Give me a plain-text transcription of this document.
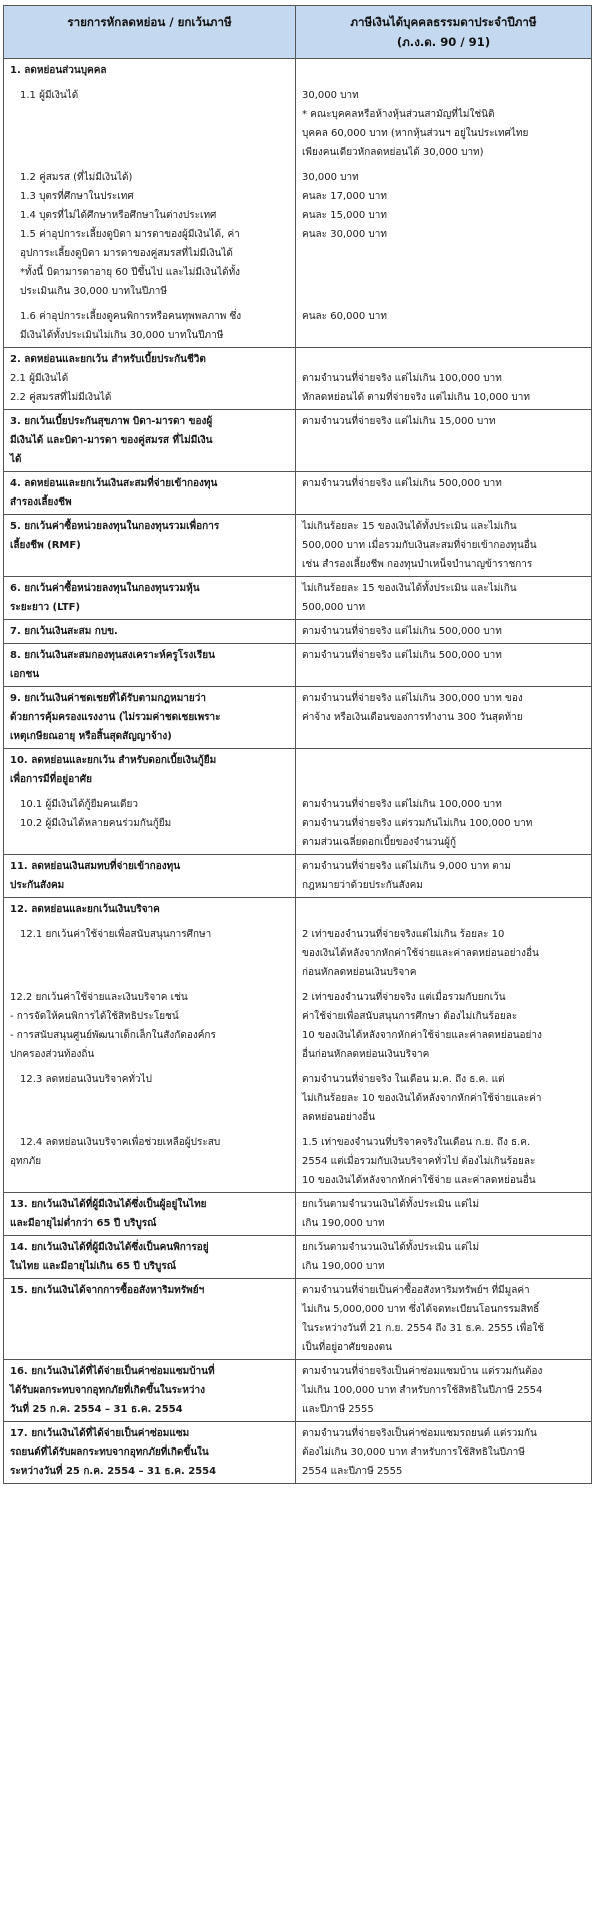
รายการหักลดหย่อน / ยกเว้นภาษี	ภาษีเงินได้บุคคลธรรมดาประจำปีภาษี
(ภ.ง.ด. 90 / 91)

1. ลดหย่อนส่วนบุคคล	

1.1 ผู้มีเงินได้	30,000 บาท
	* คณะบุคคลหรือห้างหุ้นส่วนสามัญที่ไม่ใช่นิติ
	บุคคล 60,000 บาท (หากหุ้นส่วนฯ อยู่ในประเทศไทย
	เพียงคนเดียวหักลดหย่อนได้ 30,000 บาท)

1.2 คู่สมรส (ที่ไม่มีเงินได้)	30,000 บาท
1.3 บุตรที่ศึกษาในประเทศ	คนละ 17,000 บาท
1.4 บุตรที่ไม่ได้ศึกษาหรือศึกษาในต่างประเทศ	คนละ 15,000 บาท
1.5 ค่าอุปการะเลี้ยงดูบิดา มารดาของผู้มีเงินได้, ค่า	คนละ 30,000 บาท
อุปการะเลี้ยงดูบิดา มารดาของคู่สมรสที่ไม่มีเงินได้	
*ทั้งนี้ บิดามารดาอายุ 60 ปีขึ้นไป และไม่มีเงินได้ทั้ง	
ประเมินเกิน 30,000 บาทในปีภาษี	

1.6 ค่าอุปการะเลี้ยงดูคนพิการหรือคนทุพพลภาพ ซึ่ง	คนละ 60,000 บาท
มีเงินได้ทั้งประเมินไม่เกิน 30,000 บาทในปีภาษี	
2. ลดหย่อนและยกเว้น สำหรับเบี้ยประกันชีวิต	
2.1 ผู้มีเงินได้	ตามจำนวนที่จ่ายจริง แต่ไม่เกิน 100,000 บาท
2.2 คู่สมรสที่ไม่มีเงินได้	หักลดหย่อนได้ ตามที่จ่ายจริง แต่ไม่เกิน 10,000 บาท
3. ยกเว้นเบี้ยประกันสุขภาพ บิดา-มารดา ของผู้	ตามจำนวนที่จ่ายจริง แต่ไม่เกิน 15,000 บาท
มีเงินได้ และบิดา-มารดา ของคู่สมรส ที่ไม่มีเงิน	
ได้	
4. ลดหย่อนและยกเว้นเงินสะสมที่จ่ายเข้ากองทุน	ตามจำนวนที่จ่ายจริง แต่ไม่เกิน 500,000 บาท
สำรองเลี้ยงชีพ	
5. ยกเว้นค่าซื้อหน่วยลงทุนในกองทุนรวมเพื่อการ	ไม่เกินร้อยละ 15 ของเงินได้ทั้งประเมิน และไม่เกิน
เลี้ยงชีพ (RMF)	500,000 บาท เมื่อรวมกับเงินสะสมที่จ่ายเข้ากองทุนอื่น
	เช่น สำรองเลี้ยงชีพ กองทุนบำเหน็จบำนาญข้าราชการ
6. ยกเว้นค่าซื้อหน่วยลงทุนในกองทุนรวมหุ้น	ไม่เกินร้อยละ 15 ของเงินได้ทั้งประเมิน และไม่เกิน
ระยะยาว (LTF)	500,000 บาท
7. ยกเว้นเงินสะสม กบข.	ตามจำนวนที่จ่ายจริง แต่ไม่เกิน 500,000 บาท
8. ยกเว้นเงินสะสมกองทุนสงเคราะห์ครูโรงเรียน	ตามจำนวนที่จ่ายจริง แต่ไม่เกิน 500,000 บาท
เอกชน	
9. ยกเว้นเงินค่าชดเชยที่ได้รับตามกฎหมายว่า	ตามจำนวนที่จ่ายจริง แต่ไม่เกิน 300,000 บาท ของ
ด้วยการคุ้มครองแรงงาน (ไม่รวมค่าชดเชยเพราะ	ค่าจ้าง หรือเงินเดือนของการทำงาน 300 วันสุดท้าย
เหตุเกษียณอายุ หรือสิ้นสุดสัญญาจ้าง)	
10. ลดหย่อนและยกเว้น สำหรับดอกเบี้ยเงินกู้ยืม	
เพื่อการมีที่อยู่อาศัย	

10.1 ผู้มีเงินได้กู้ยืมคนเดียว	ตามจำนวนที่จ่ายจริง แต่ไม่เกิน 100,000 บาท
10.2 ผู้มีเงินได้หลายคนร่วมกันกู้ยืม	ตามจำนวนที่จ่ายจริง แต่รวมกันไม่เกิน 100,000 บาท
	ตามส่วนเฉลี่ยดอกเบี้ยของจำนวนผู้กู้
11. ลดหย่อนเงินสมทบที่จ่ายเข้ากองทุน	ตามจำนวนที่จ่ายจริง แต่ไม่เกิน 9,000 บาท ตาม
ประกันสังคม	กฎหมายว่าด้วยประกันสังคม
12. ลดหย่อนและยกเว้นเงินบริจาค	

12.1 ยกเว้นค่าใช้จ่ายเพื่อสนับสนุนการศึกษา	2 เท่าของจำนวนที่จ่ายจริงแต่ไม่เกิน ร้อยละ 10
	ของเงินได้หลังจากหักค่าใช้จ่ายและค่าลดหย่อนอย่างอื่น
	ก่อนหักลดหย่อนเงินบริจาค

12.2 ยกเว้นค่าใช้จ่ายและเงินบริจาค เช่น	2 เท่าของจำนวนที่จ่ายจริง แต่เมื่อรวมกับยกเว้น
- การจัดให้คนพิการได้ใช้สิทธิประโยชน์	ค่าใช้จ่ายเพื่อสนับสนุนการศึกษา ต้องไม่เกินร้อยละ
- การสนับสนุนศูนย์พัฒนาเด็กเล็กในสังกัดองค์กร	10 ของเงินได้หลังจากหักค่าใช้จ่ายและค่าลดหย่อนอย่าง
ปกครองส่วนท้องถิ่น	อื่นก่อนหักลดหย่อนเงินบริจาค

12.3 ลดหย่อนเงินบริจาคทั่วไป	ตามจำนวนที่จ่ายจริง ในเดือน ม.ค. ถึง ธ.ค. แต่
	ไม่เกินร้อยละ 10 ของเงินได้หลังจากหักค่าใช้จ่ายและค่า
	ลดหย่อนอย่างอื่น

12.4 ลดหย่อนเงินบริจาคเพื่อช่วยเหลือผู้ประสบ	1.5 เท่าของจำนวนที่บริจาคจริงในเดือน ก.ย. ถึง ธ.ค.
อุทกภัย	2554 แต่เมื่อรวมกับเงินบริจาคทั่วไป ต้องไม่เกินร้อยละ
	10 ของเงินได้หลังจากหักค่าใช้จ่าย และค่าลดหย่อนอื่น
13. ยกเว้นเงินได้ที่ผู้มีเงินได้ซึ่งเป็นผู้อยู่ในไทย	ยกเว้นตามจำนวนเงินได้ทั้งประเมิน แต่ไม่
และมีอายุไม่ต่ำกว่า 65 ปี บริบูรณ์	เกิน 190,000 บาท
14. ยกเว้นเงินได้ที่ผู้มีเงินได้ซึ่งเป็นคนพิการอยู่	ยกเว้นตามจำนวนเงินได้ทั้งประเมิน แต่ไม่
ในไทย และมีอายุไม่เกิน 65 ปี บริบูรณ์	เกิน 190,000 บาท
15. ยกเว้นเงินได้จากการซื้ออสังหาริมทรัพย์ฯ	ตามจำนวนที่จ่ายเป็นค่าซื้ออสังหาริมทรัพย์ฯ ที่มีมูลค่า
	ไม่เกิน 5,000,000 บาท ซึ่งได้จดทะเบียนโอนกรรมสิทธิ์
	ในระหว่างวันที่ 21 ก.ย. 2554 ถึง 31 ธ.ค. 2555 เพื่อใช้
	เป็นที่อยู่อาศัยของตน
16. ยกเว้นเงินได้ที่ได้จ่ายเป็นค่าซ่อมแซมบ้านที่	ตามจำนวนที่จ่ายจริงเป็นค่าซ่อมแซมบ้าน แต่รวมกันต้อง
ได้รับผลกระทบจากอุทกภัยที่เกิดขึ้นในระหว่าง	ไม่เกิน 100,000 บาท สำหรับการใช้สิทธิในปีภาษี 2554
วันที่ 25 ก.ค. 2554 – 31 ธ.ค. 2554	และปีภาษี 2555
17. ยกเว้นเงินได้ที่ได้จ่ายเป็นค่าซ่อมแซม	ตามจำนวนที่จ่ายจริงเป็นค่าซ่อมแซมรถยนต์ แต่รวมกัน
รถยนต์ที่ได้รับผลกระทบจากอุทกภัยที่เกิดขึ้นใน	ต้องไม่เกิน 30,000 บาท สำหรับการใช้สิทธิในปีภาษี
ระหว่างวันที่ 25 ก.ค. 2554 – 31 ธ.ค. 2554	2554 และปีภาษี 2555
